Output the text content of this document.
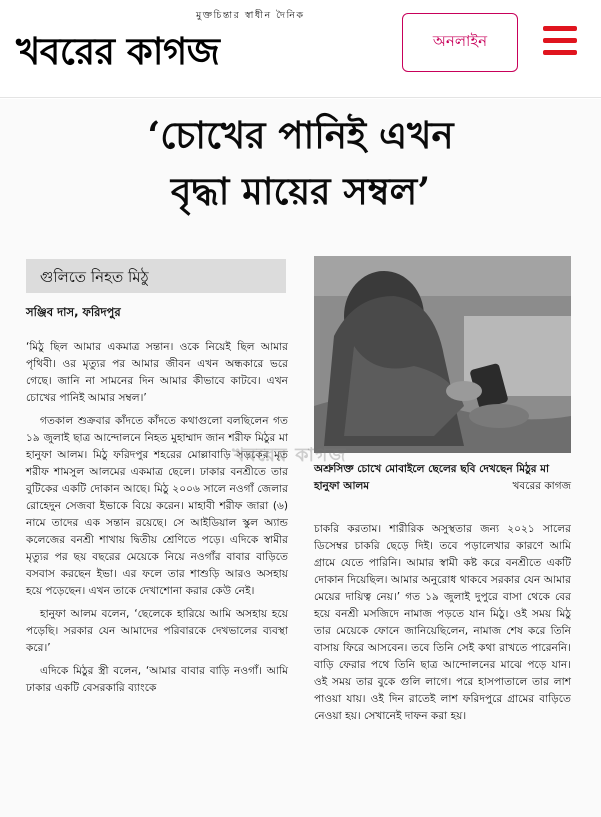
মুক্তচিন্তার স্বাধীন দৈনিক
খবরের কাগজ	অনলাইন
‘চোখের পানিই এখন
বৃদ্ধা মায়ের সম্বল’
গুলিতে নিহত মিঠু
সঞ্জিব দাস, ফরিদপুর

‘মিঠু ছিল আমার একমাত্র সন্তান। ওকে নিয়েই ছিল আমার পৃথিবী। ওর মৃত্যুর পর আমার জীবন এখন অন্ধকারে ভরে গেছে। জানি না সামনের দিন আমার কীভাবে কাটবে। এখন চোখের পানিই আমার সম্বল।’

গতকাল শুক্রবার কাঁদতে কাঁদতে কথাগুলো বলছিলেন গত ১৯ জুলাই ছাত্র আন্দোলনে নিহত মুহাম্মাদ জান শরীফ মিঠুর মা হানুফা আলম। মিঠু ফরিদপুর শহরের মোল্লাবাড়ি সড়কের মৃত শরীফ শামসুল আলমের একমাত্র ছেলে। ঢাকার বনশ্রীতে তার বুটিকের একটি দোকান আছে। মিঠু ২০০৬ সালে নওগাঁ জেলার রোহেদুন সেজবা ইভাকে বিয়ে করেন। মাহাবী শরীফ জারা (৬) নামে তাদের এক সন্তান রয়েছে। সে আইডিয়াল স্কুল অ্যান্ড কলেজের বনশ্রী শাখায় দ্বিতীয় শ্রেণিতে পড়ে। এদিকে স্বামীর মৃত্যুর পর ছয় বছরের মেয়েকে নিয়ে নওগাঁর বাবার বাড়িতে বসবাস করছেন ইভা। এর ফলে তার শাশুড়ি আরও অসহায় হয়ে পড়েছেন। এখন তাকে দেখাশোনা করার কেউ নেই।

হানুফা আলম বলেন, ‘ছেলেকে হারিয়ে আমি অসহায় হয়ে পড়েছি। সরকার যেন আমাদের পরিবারকে দেখভালের ব্যবস্থা করে।’

এদিকে মিঠুর স্ত্রী বলেন, ‘আমার বাবার বাড়ি নওগাঁ। আমি ঢাকার একটি বেসরকারি ব্যাংকে

খবরের কাগজ
অশ্রুসিক্ত চোখে মোবাইলে ছেলের ছবি দেখছেন মিঠুর মা হানুফা আলম	খবরের কাগজ

চাকরি করতাম। শারীরিক অসুস্থতার জন্য ২০২১ সালের ডিসেম্বর চাকরি ছেড়ে দিই। তবে পড়ালেখার কারণে আমি গ্রামে যেতে পারিনি। আমার স্বামী কষ্ট করে বনশ্রীতে একটি দোকান দিয়েছিল। আমার অনুরোধ থাকবে সরকার যেন আমার মেয়ের দায়িত্ব নেয়।’ গত ১৯ জুলাই দুপুরে বাসা থেকে বের হয়ে বনশ্রী মসজিদে নামাজ পড়তে যান মিঠু। ওই সময় মিঠু তার মেয়েকে ফোনে জানিয়েছিলেন, নামাজ শেষ করে তিনি বাসায় ফিরে আসবেন। তবে তিনি সেই কথা রাখতে পারেননি। বাড়ি ফেরার পথে তিনি ছাত্র আন্দোলনের মাঝে পড়ে যান। ওই সময় তার বুকে গুলি লাগে। পরে হাসপাতালে তার লাশ পাওয়া যায়। ওই দিন রাতেই লাশ ফরিদপুরে গ্রামের বাড়িতে নেওয়া হয়। সেখানেই দাফন করা হয়।
